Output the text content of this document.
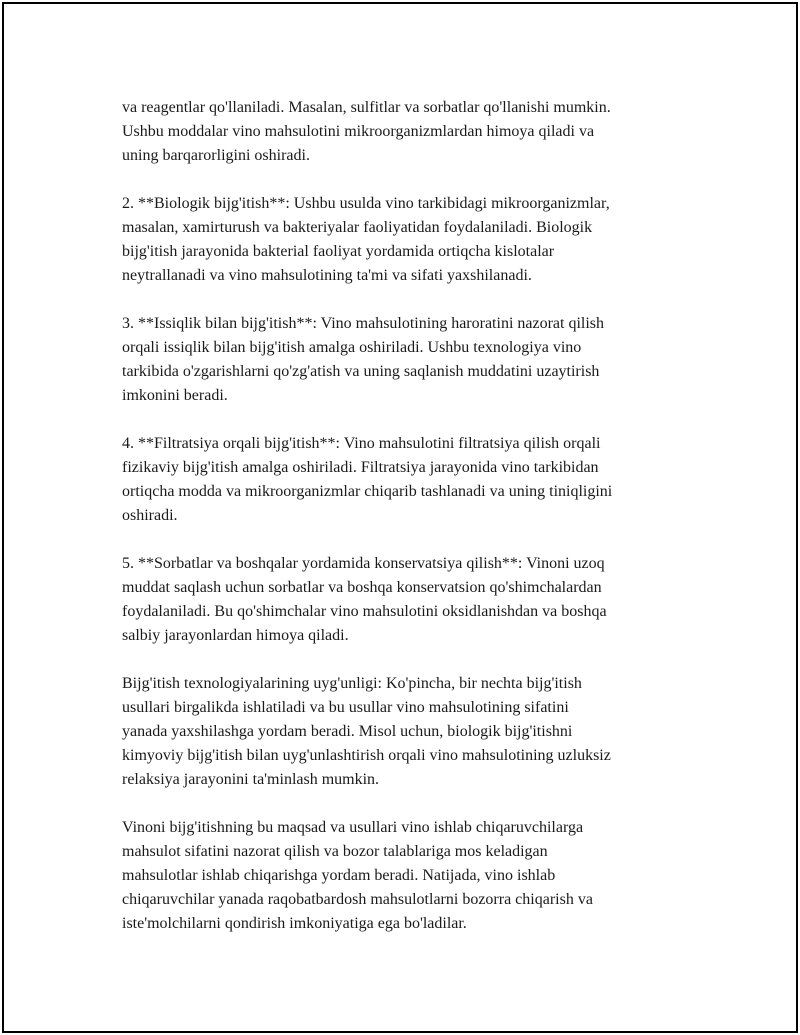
va reagentlar qo'llaniladi. Masalan, sulfitlar va sorbatlar qo'llanishi mumkin.
Ushbu moddalar vino mahsulotini mikroorganizmlardan himoya qiladi va
uning barqarorligini oshiradi.

2. **Biologik bijg'itish**: Ushbu usulda vino tarkibidagi mikroorganizmlar,
masalan, xamirturush va bakteriyalar faoliyatidan foydalaniladi. Biologik
bijg'itish jarayonida bakterial faoliyat yordamida ortiqcha kislotalar
neytrallanadi va vino mahsulotining ta'mi va sifati yaxshilanadi.

3. **Issiqlik bilan bijg'itish**: Vino mahsulotining haroratini nazorat qilish
orqali issiqlik bilan bijg'itish amalga oshiriladi. Ushbu texnologiya vino
tarkibida o'zgarishlarni qo'zg'atish va uning saqlanish muddatini uzaytirish
imkonini beradi.

4. **Filtratsiya orqali bijg'itish**: Vino mahsulotini filtratsiya qilish orqali
fizikaviy bijg'itish amalga oshiriladi. Filtratsiya jarayonida vino tarkibidan
ortiqcha modda va mikroorganizmlar chiqarib tashlanadi va uning tiniqligini
oshiradi.

5. **Sorbatlar va boshqalar yordamida konservatsiya qilish**: Vinoni uzoq
muddat saqlash uchun sorbatlar va boshqa konservatsion qo'shimchalardan
foydalaniladi. Bu qo'shimchalar vino mahsulotini oksidlanishdan va boshqa
salbiy jarayonlardan himoya qiladi.

Bijg'itish texnologiyalarining uyg'unligi: Ko'pincha, bir nechta bijg'itish
usullari birgalikda ishlatiladi va bu usullar vino mahsulotining sifatini
yanada yaxshilashga yordam beradi. Misol uchun, biologik bijg'itishni
kimyoviy bijg'itish bilan uyg'unlashtirish orqali vino mahsulotining uzluksiz
relaksiya jarayonini ta'minlash mumkin.

Vinoni bijg'itishning bu maqsad va usullari vino ishlab chiqaruvchilarga
mahsulot sifatini nazorat qilish va bozor talablariga mos keladigan
mahsulotlar ishlab chiqarishga yordam beradi. Natijada, vino ishlab
chiqaruvchilar yanada raqobatbardosh mahsulotlarni bozorra chiqarish va
iste'molchilarni qondirish imkoniyatiga ega bo'ladilar.
